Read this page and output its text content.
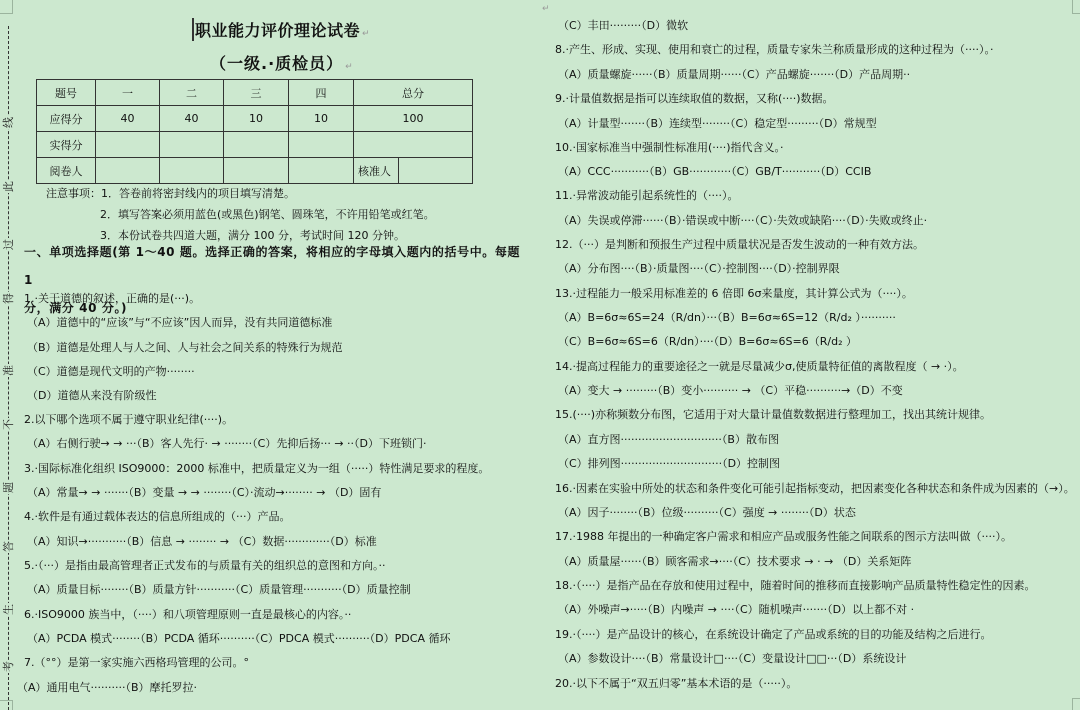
线
此
过
得
准
不
题
答
生
考
职业能力评价理论试卷 ↵
（一级.·质检员） ↵
题号	一	二	三	四	总分	
应得分	40	40	10	10	100	
实得分						
阅卷人					核准人	
注意事项：1．答卷前将密封线内的项目填写清楚。
2．填写答案必须用蓝色(或黑色)钢笔、圆珠笔，不许用铅笔或红笔。
3．本份试卷共四道大题，满分 100 分，考试时间 120 分钟。
一、单项选择题(第 1～40 题。选择正确的答案，将相应的字母填入题内的括号中。每题 1
分，满分 40 分。)
1.·关于道德的叙述，正确的是(···)。
（A）道德中的“应该”与“不应该”因人而异，没有共同道德标准
（B）道德是处理人与人之间、人与社会之间关系的特殊行为规范
（C）道德是现代文明的产物········
（D）道德从来没有阶级性
2.以下哪个选项不属于遵守职业纪律(····)。
（A）右侧行驶→ → ···（B）客人先行· → ········（C）先抑后扬··· → ··（D）下班锁门·
3.·国际标准化组织 ISO9000：2000 标准中，把质量定义为一组（·····）特性满足要求的程度。
（A）常量→ → ·······（B）变量 → → ········（C）·流动→········ → （D）固有
4.·软件是有通过载体表达的信息所组成的（···）产品。
（A）知识→···········（B）信息 → ········ → （C）数据·············（D）标准
5.·（···）是指由最高管理者正式发布的与质量有关的组织总的意图和方向。··
（A）质量目标········（B）质量方针···········（C）质量管理···········（D）质量控制
6.·ISO9000 族当中，（····）和八项管理原则一直是最核心的内容。··
（A）PCDA 模式········（B）PCDA 循环··········（C）PDCA 模式··········（D）PDCA 循环
7.（°°）是第一家实施六西格玛管理的公司。°
（A）通用电气··········（B）摩托罗拉·
↵
（C）丰田·········（D）微软
8.·产生、形成、实现、使用和衰亡的过程，质量专家朱兰称质量形成的这种过程为（····）。·
（A）质量螺旋······（B）质量周期······（C）产品螺旋·······（D）产品周期··
9.·计量值数据是指可以连续取值的数据，又称(····)数据。
（A）计量型·······（B）连续型········（C）稳定型·········（D）常规型
10.·国家标准当中强制性标准用(····)指代含义。·
（A）CCC···········（B）GB············（C）GB/T···········（D）CCIB
11.·异常波动能引起系统性的（····）。
（A）失误或停滞······（B）·错误或中断····（C）·失效或缺陷····（D）·失败或终止·
12.（···）是判断和预报生产过程中质量状况是否发生波动的一种有效方法。
（A）分布图····（B）·质量图····（C）·控制图····（D）·控制界限
13.·过程能力一般采用标准差的 6 倍即 6σ来量度，其计算公式为（····）。
（A）B=6σ≈6S=24（R/dn）···（B）B=6σ≈6S=12（R/d₂ ）··········
（C）B=6σ≈6S=6（R/dn）····（D）B=6σ≈6S=6（R/d₂ ）
14.·提高过程能力的重要途径之一就是尽量减少σ,使质量特征值的离散程度（ → ·）。
（A）变大 → ·········（B）变小·········· → （C）平稳··········→（D）不变
15.(····)亦称频数分布图，它适用于对大量计量值数数据进行整理加工，找出其统计规律。
（A）直方图·····························（B）散布图
（C）排列图·····························（D）控制图
16.·因素在实验中所处的状态和条件变化可能引起指标变动，把因素变化各种状态和条件成为因素的（→）。
（A）因子········（B）位级··········（C）强度 → ········（D）状态
17.·1988 年提出的一种确定客户需求和相应产品或服务性能之间联系的图示方法叫做（····）。
（A）质量屋······（B）顾客需求→····（C）技术要求 → · → （D）关系矩阵
18.·（····）是指产品在存放和使用过程中，随着时间的推移而直接影响产品质量特性稳定性的因素。
（A）外噪声→·····（B）内噪声 → ····（C）随机噪声·······（D）以上都不对 ·
19.·（····）是产品设计的核心，在系统设计确定了产品或系统的目的功能及结构之后进行。
（A）参数设计····（B）常量设计□····（C）变量设计□□···（D）系统设计
20.·以下不属于“双五归零”基本术语的是（·····）。
